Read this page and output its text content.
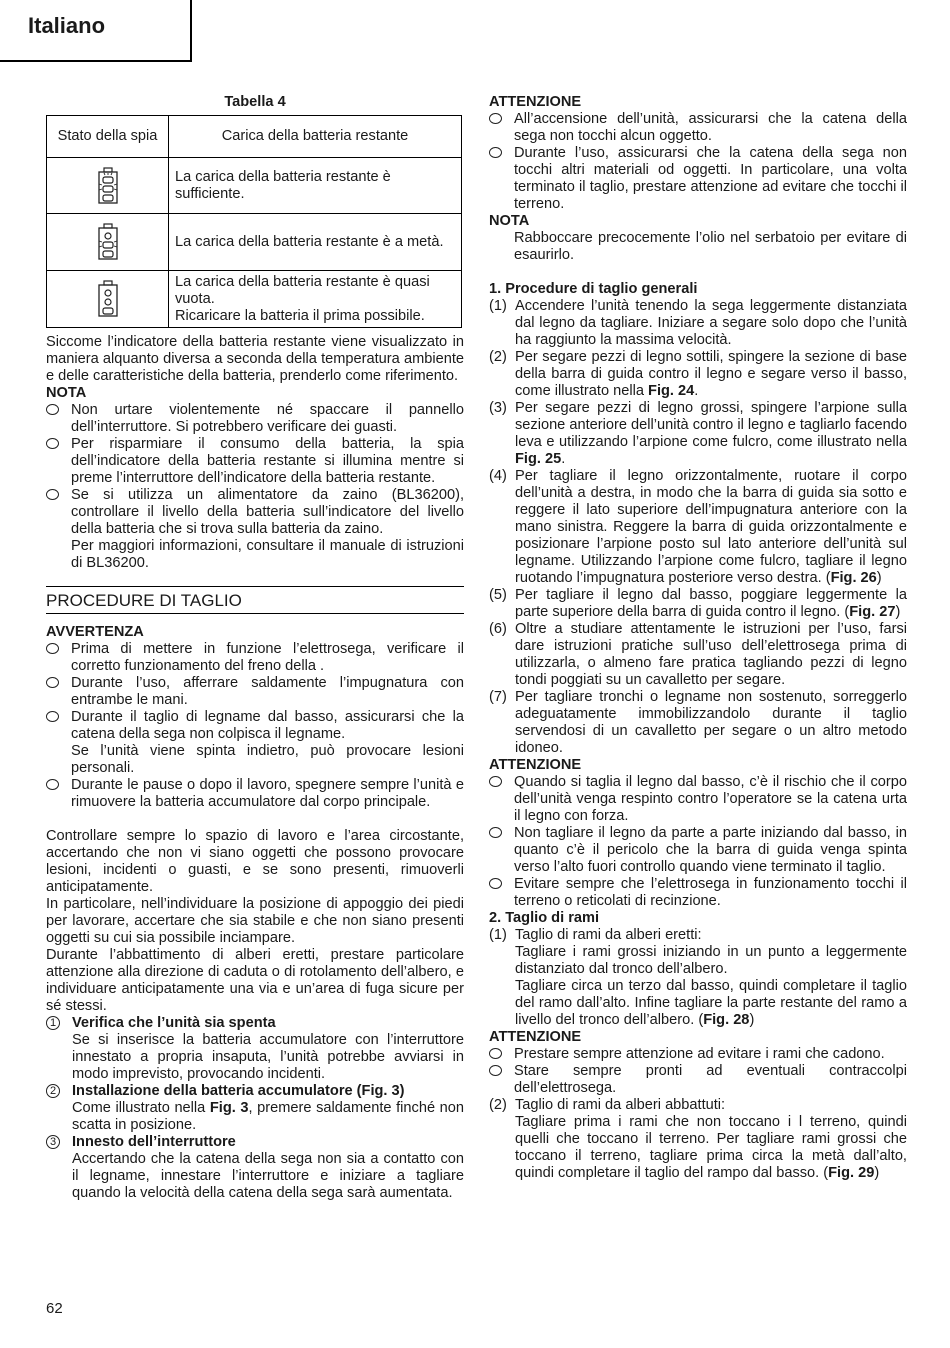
Italiano
Tabella 4
Stato della spia	Carica della batteria restante

	La carica della batteria restante è sufficiente.

	La carica della batteria restante è a metà.

	La carica della batteria restante è quasi vuota.
Ricaricare la batteria il prima possibile.
Siccome l’indicatore della batteria restante viene visualizzato in maniera alquanto diversa a seconda della temperatura ambiente e delle caratteristiche della batteria, prenderlo come riferimento.
NOTA
Non urtare violentemente né spaccare il pannello dell’interruttore. Si potrebbero verificare dei guasti.
Per risparmiare il consumo della batteria, la spia dell’indicatore della batteria restante si illumina mentre si preme l’interruttore dell’indicatore della batteria restante.
Se si utilizza un alimentatore da zaino (BL36200), controllare il livello della batteria sull’indicatore del livello della batteria che si trova sulla batteria da zaino.
Per maggiori informazioni, consultare il manuale di istruzioni di BL36200.
PROCEDURE DI TAGLIO
AVVERTENZA
Prima di mettere in funzione l’elettrosega, verificare il corretto funzionamento del freno della .
Durante l’uso, afferrare saldamente l’impugnatura con entrambe le mani.
Durante il taglio di legname dal basso, assicurarsi che la catena della sega non colpisca il legname.
Se l’unità viene spinta indietro, può provocare lesioni personali.
Durante le pause o dopo il lavoro, spegnere sempre l’unità e rimuovere la batteria accumulatore dal corpo principale.
Controllare sempre lo spazio di lavoro e l’area circostante, accertando che non vi siano oggetti che possono provocare lesioni, incidenti o guasti, e se sono presenti, rimuoverli anticipatamente.
In particolare, nell’individuare la posizione di appoggio dei piedi per lavorare, accertare che sia stabile e che non siano presenti oggetti su cui sia possibile inciampare.
Durante l’abbattimento di alberi eretti, prestare particolare attenzione alla direzione di caduta o di rotolamento dell’albero, e individuare anticipatamente una via e un’area di fuga sicure per sé stessi.
1 Verifica che l’unità sia spenta
Se si inserisce la batteria accumulatore con l’interruttore innestato a propria insaputa, l’unità potrebbe avviarsi in modo imprevisto, provocando incidenti.
2 Installazione della batteria accumulatore (Fig. 3)
Come illustrato nella Fig. 3, premere saldamente finché non scatta in posizione.
3 Innesto dell’interruttore
Accertando che la catena della sega non sia a contatto con il legname, innestare l’interruttore e iniziare a tagliare quando la velocità della catena della sega sarà aumentata.
ATTENZIONE
All’accensione dell’unità, assicurarsi che la catena della sega non tocchi alcun oggetto.
Durante l’uso, assicurarsi che la catena della sega non tocchi altri materiali od oggetti. In particolare, una volta terminato il taglio, prestare attenzione ad evitare che tocchi il terreno.
NOTA
Rabboccare precocemente l’olio nel serbatoio per evitare di esaurirlo.
1. Procedure di taglio generali
(1) Accendere l’unità tenendo la sega leggermente distanziata dal legno da tagliare. Iniziare a segare solo dopo che l’unità ha raggiunto la massima velocità.
(2) Per segare pezzi di legno sottili, spingere la sezione di base della barra di guida contro il legno e segare verso il basso, come illustrato nella Fig. 24.
(3) Per segare pezzi di legno grossi, spingere l’arpione sulla sezione anteriore dell’unità contro il legno e tagliarlo facendo leva e utilizzando l’arpione come fulcro, come illustrato nella Fig. 25.
(4) Per tagliare il legno orizzontalmente, ruotare il corpo dell’unità a destra, in modo che la barra di guida sia sotto e reggere il lato superiore dell’impugnatura anteriore con la mano sinistra. Reggere la barra di guida orizzontalmente e posizionare l’arpione posto sul lato anteriore dell’unità sul legname. Utilizzando l’arpione come fulcro, tagliare il legno ruotando l’impugnatura posteriore verso destra. (Fig. 26)
(5) Per tagliare il legno dal basso, poggiare leggermente la parte superiore della barra di guida contro il legno. (Fig. 27)
(6) Oltre a studiare attentamente le istruzioni per l’uso, farsi dare istruzioni pratiche sull’uso dell’elettrosega prima di utilizzarla, o almeno fare pratica tagliando pezzi di legno tondi poggiati su un cavalletto per segare.
(7) Per tagliare tronchi o legname non sostenuto, sorreggerlo adeguatamente immobilizzandolo durante il taglio servendosi di un cavalletto per segare o un altro metodo idoneo.
ATTENZIONE
Quando si taglia il legno dal basso, c’è il rischio che il corpo dell’unità venga respinto contro l’operatore se la catena urta il legno con forza.
Non tagliare il legno da parte a parte iniziando dal basso, in quanto c’è il pericolo che la barra di guida venga spinta verso l’alto fuori controllo quando viene terminato il taglio.
Evitare sempre che l’elettrosega in funzionamento tocchi il terreno o reticolati di recinzione.
2. Taglio di rami
(1) Taglio di rami da alberi eretti:
Tagliare i rami grossi iniziando in un punto a leggermente distanziato dal tronco dell’albero.
Tagliare circa un terzo dal basso, quindi completare il taglio del ramo dall’alto. Infine tagliare la parte restante del ramo a livello del tronco dell’albero. (Fig. 28)
ATTENZIONE
Prestare sempre attenzione ad evitare i rami che cadono.
Stare sempre pronti ad eventuali contraccolpi dell’elettrosega.
(2) Taglio di rami da alberi abbattuti:
Tagliare prima i rami che non toccano i l terreno, quindi quelli che toccano il terreno. Per tagliare rami grossi che toccano il terreno, tagliare prima circa la metà dall’alto, quindi completare il taglio del rampo dal basso. (Fig. 29)
62
